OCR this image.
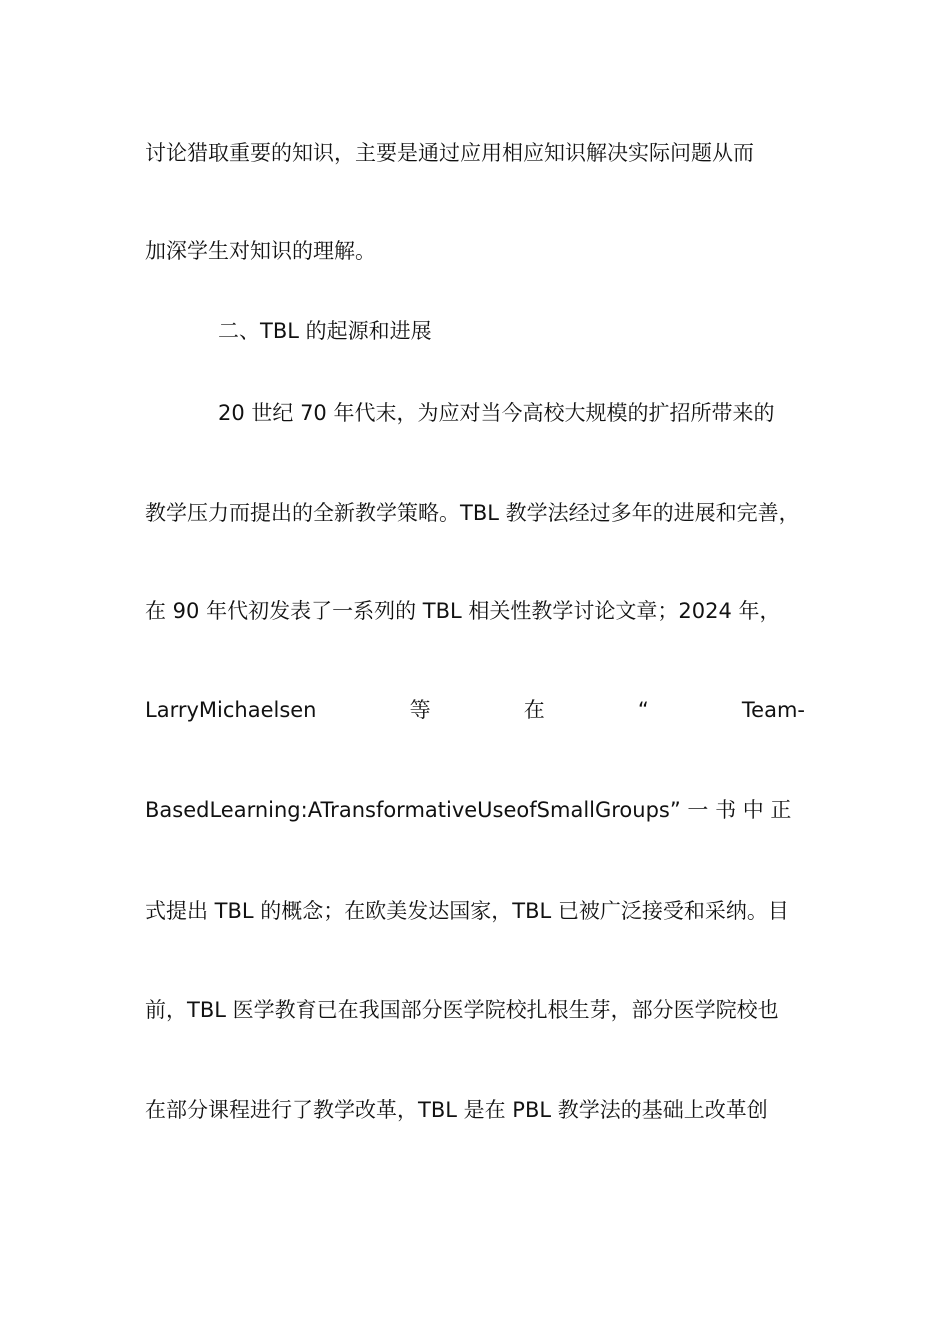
讨论猎取重要的知识，主要是通过应用相应知识解决实际问题从而
加深学生对知识的理解。
二、TBL 的起源和进展
20 世纪 70 年代末，为应对当今高校大规模的扩招所带来的
教学压力而提出的全新教学策略。TBL 教学法经过多年的进展和完善，
在 90 年代初发表了一系列的 TBL 相关性教学讨论文章；2024 年，
LarryMichaelsen	等	在	“	Team-
BasedLearning:ATransformativeUseofSmallGroups” 一 书 中 正
式提出 TBL 的概念；在欧美发达国家，TBL 已被广泛接受和采纳。目
前，TBL 医学教育已在我国部分医学院校扎根生芽，部分医学院校也
在部分课程进行了教学改革，TBL 是在 PBL 教学法的基础上改革创
